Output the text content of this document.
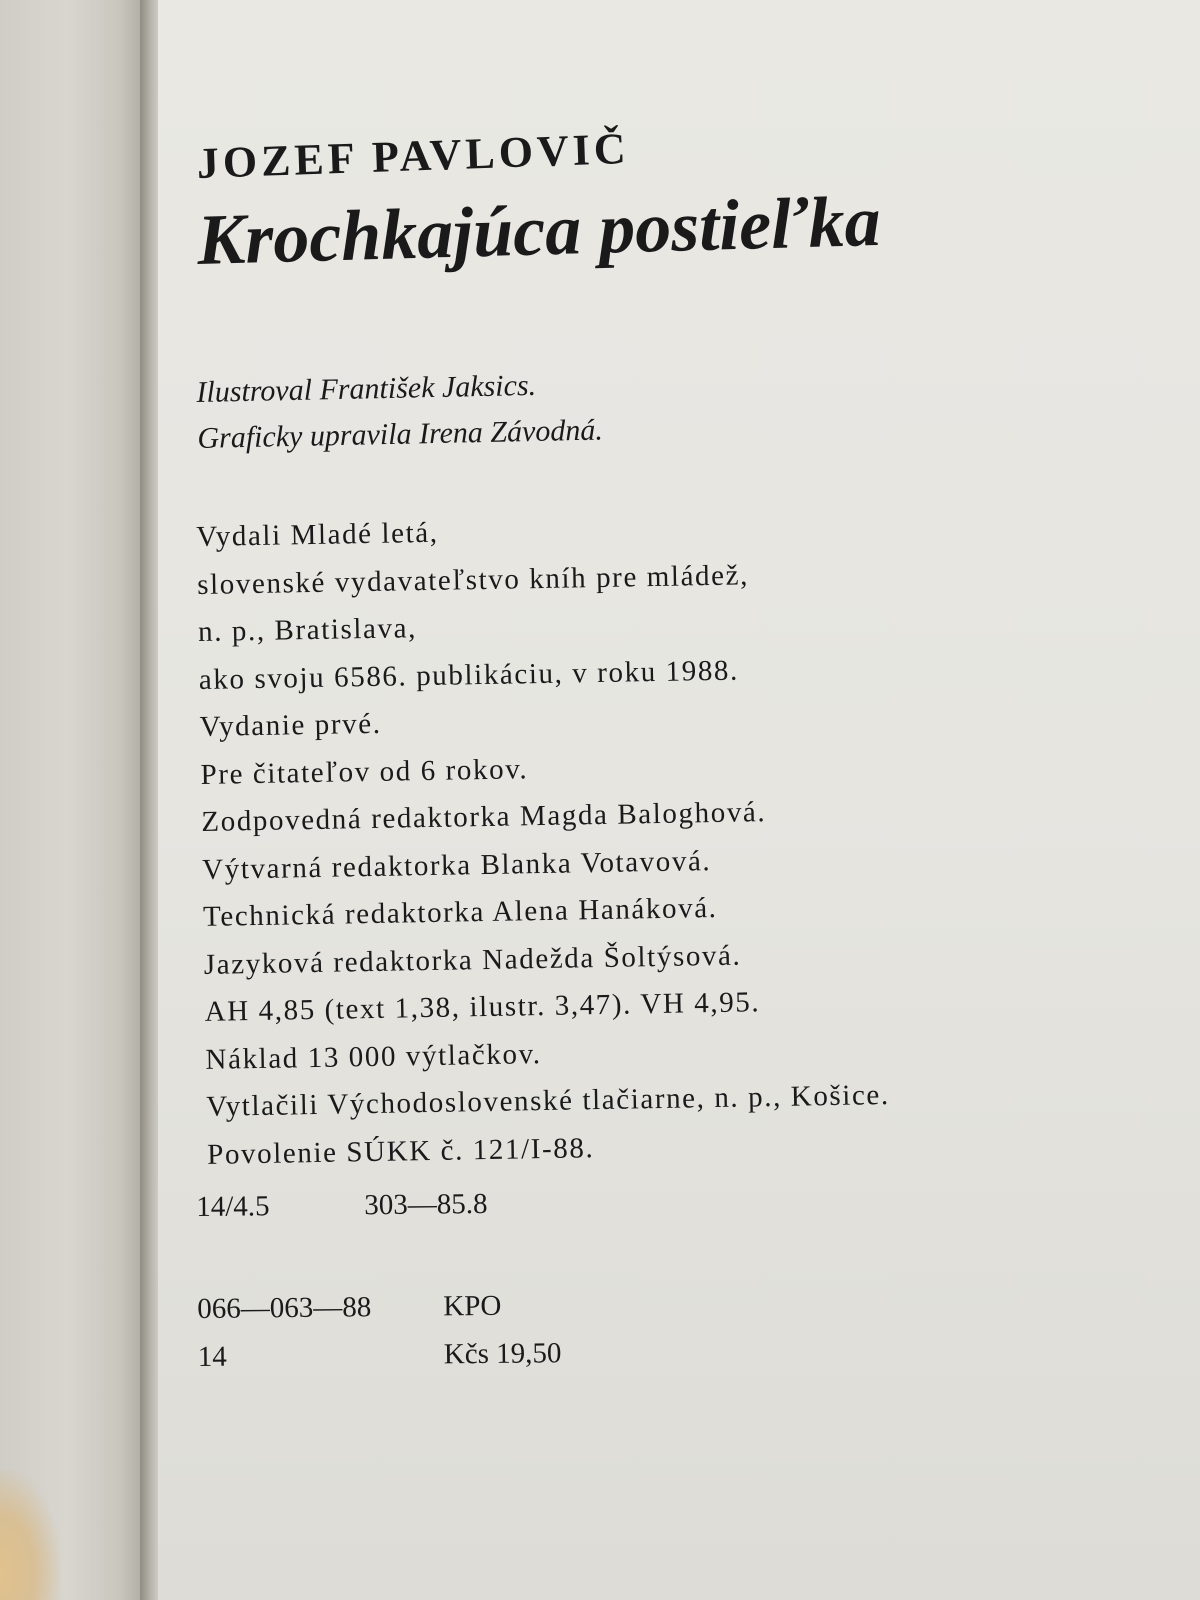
JOZEF PAVLOVIČ
Krochkajúca postieľka
Ilustroval František Jaksics.
Graficky upravila Irena Závodná.
Vydali Mladé letá,
slovenské vydavateľstvo kníh pre mládež,
n. p., Bratislava,
ako svoju 6586. publikáciu, v roku 1988.
Vydanie prvé.
Pre čitateľov od 6 rokov.
Zodpovedná redaktorka Magda Baloghová.
Výtvarná redaktorka Blanka Votavová.
Technická redaktorka Alena Hanáková.
Jazyková redaktorka Nadežda Šoltýsová.
AH 4,85 (text 1,38, ilustr. 3,47). VH 4,95.
Náklad 13 000 výtlačkov.
Vytlačili Východoslovenské tlačiarne, n. p., Košice.
Povolenie SÚKK č. 121/I-88.
14/4.5	303—85.8
066—063—88	KPO
14	Kčs 19,50
